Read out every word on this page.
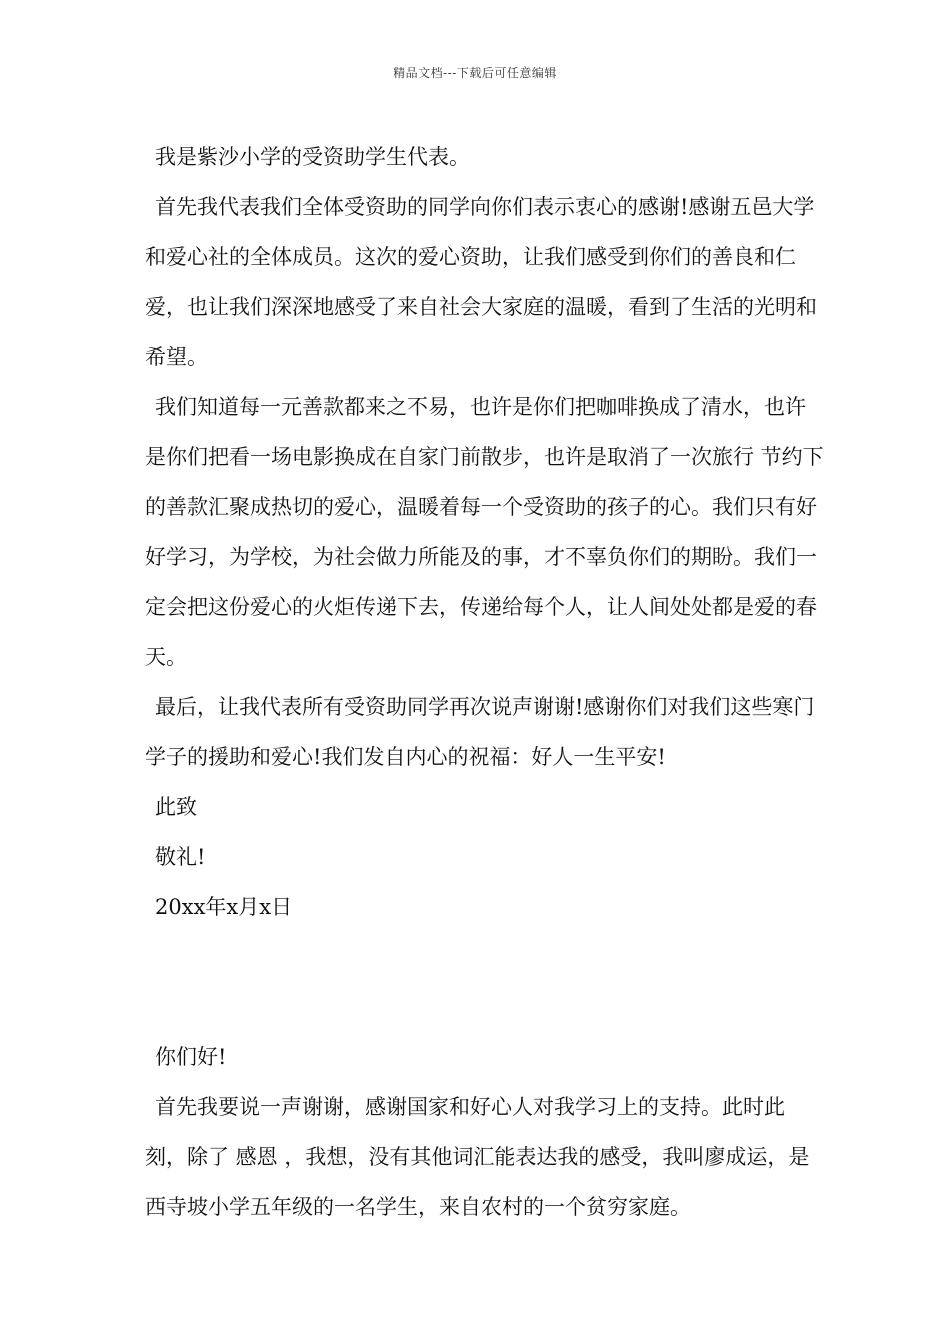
精品文档---下载后可任意编辑

我是紫沙小学的受资助学生代表。

首先我代表我们全体受资助的同学向你们表示衷心的感谢!感谢五邑大学和爱心社的全体成员。这次的爱心资助，让我们感受到你们的善良和仁爱，也让我们深深地感受了来自社会大家庭的温暖，看到了生活的光明和希望。

我们知道每一元善款都来之不易，也许是你们把咖啡换成了清水，也许是你们把看一场电影换成在自家门前散步，也许是取消了一次旅行 节约下的善款汇聚成热切的爱心，温暖着每一个受资助的孩子的心。我们只有好好学习，为学校，为社会做力所能及的事，才不辜负你们的期盼。我们一定会把这份爱心的火炬传递下去，传递给每个人，让人间处处都是爱的春天。

最后，让我代表所有受资助同学再次说声谢谢!感谢你们对我们这些寒门学子的援助和爱心!我们发自内心的祝福：好人一生平安!

此致

敬礼!

20xx年x月x日

你们好!

首先我要说一声谢谢，感谢国家和好心人对我学习上的支持。此时此刻，除了 感恩 ，我想，没有其他词汇能表达我的感受，我叫廖成运，是西寺坡小学五年级的一名学生，来自农村的一个贫穷家庭。
